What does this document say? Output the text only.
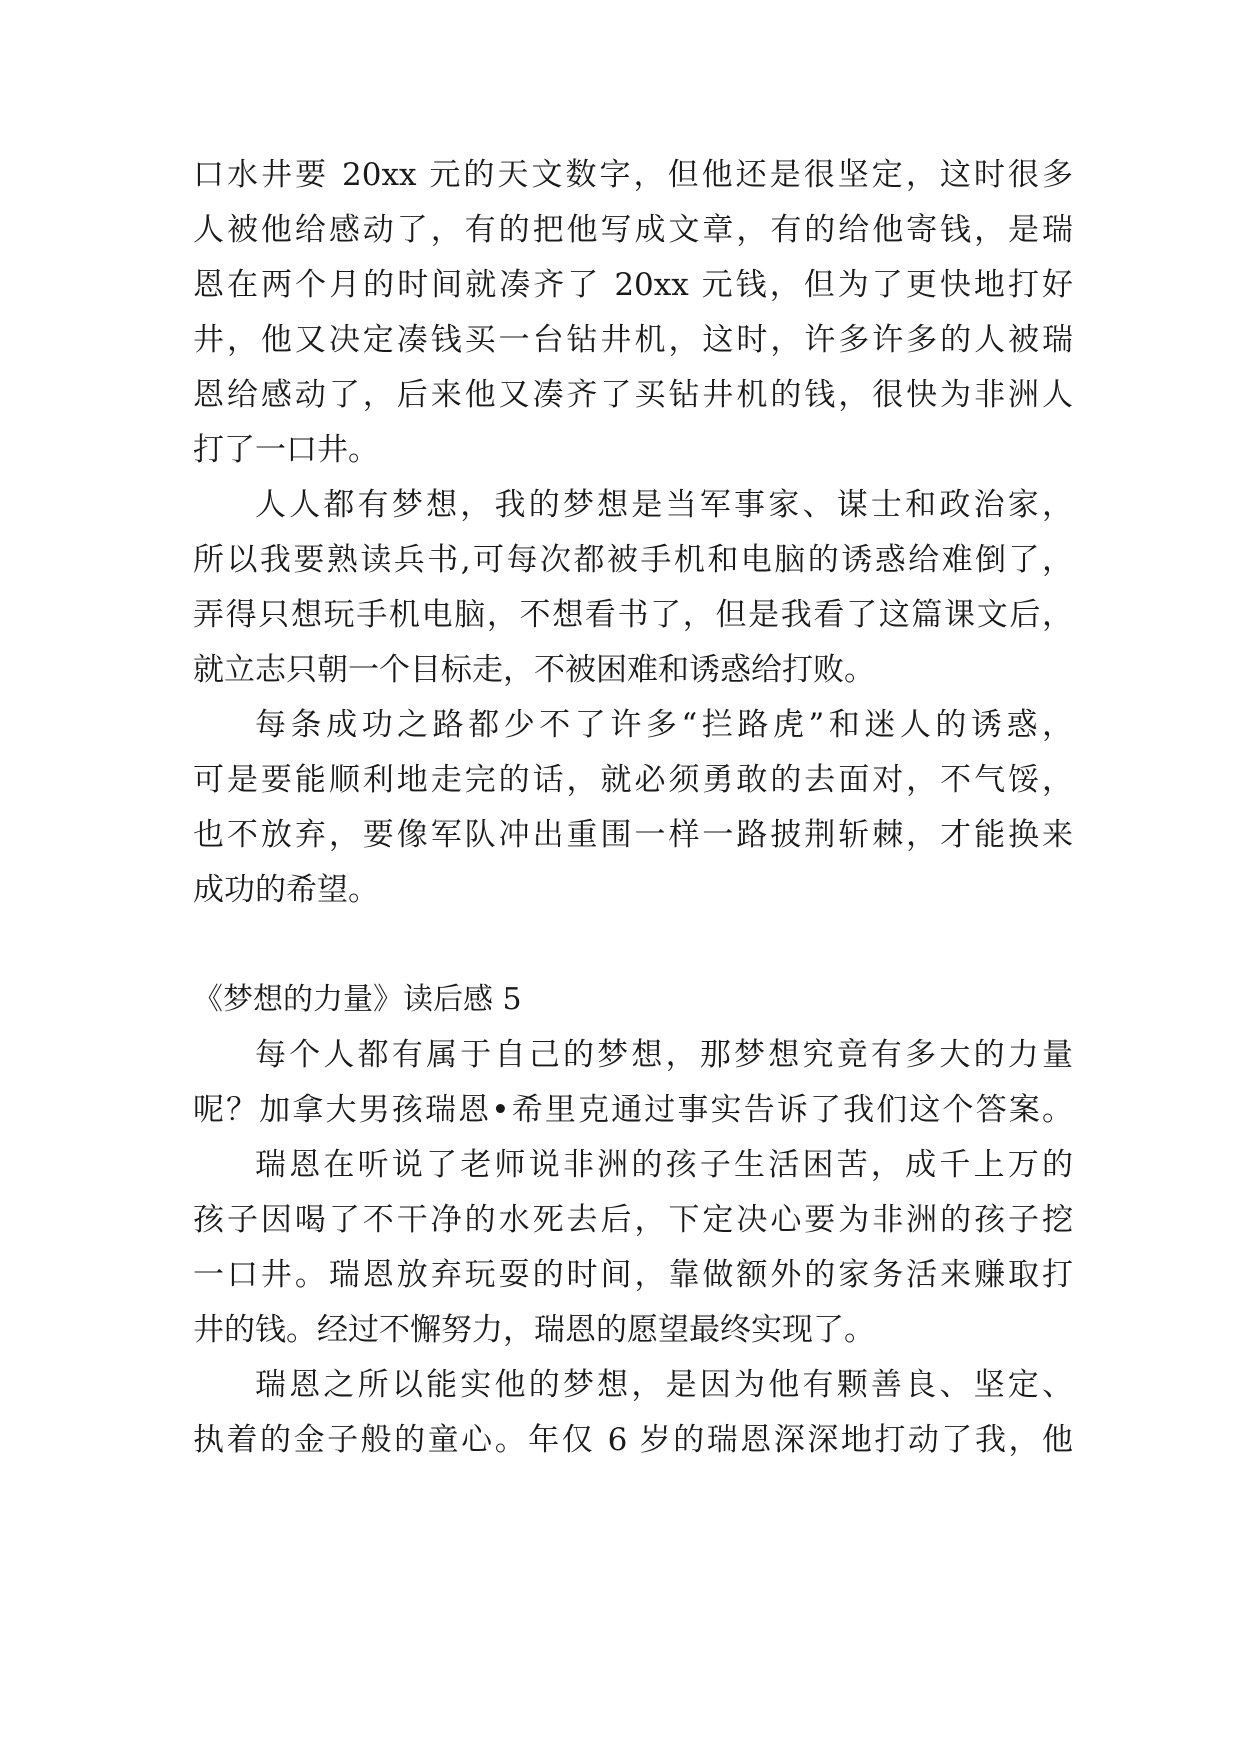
口水井要 20xx 元的天文数字，但他还是很坚定，这时很多
人被他给感动了，有的把他写成文章，有的给他寄钱，是瑞
恩在两个月的时间就凑齐了 20xx 元钱，但为了更快地打好
井，他又决定凑钱买一台钻井机，这时，许多许多的人被瑞
恩给感动了，后来他又凑齐了买钻井机的钱，很快为非洲人
打了一口井。
人人都有梦想，我的梦想是当军事家、谋士和政治家，
所以我要熟读兵书,可每次都被手机和电脑的诱惑给难倒了，
弄得只想玩手机电脑，不想看书了，但是我看了这篇课文后，
就立志只朝一个目标走，不被困难和诱惑给打败。
每条成功之路都少不了许多“拦路虎”和迷人的诱惑，
可是要能顺利地走完的话，就必须勇敢的去面对，不气馁，
也不放弃，要像军队冲出重围一样一路披荆斩棘，才能换来
成功的希望。
《梦想的力量》读后感 5
每个人都有属于自己的梦想，那梦想究竟有多大的力量
呢？加拿大男孩瑞恩•希里克通过事实告诉了我们这个答案。
瑞恩在听说了老师说非洲的孩子生活困苦，成千上万的
孩子因喝了不干净的水死去后，下定决心要为非洲的孩子挖
一口井。瑞恩放弃玩耍的时间，靠做额外的家务活来赚取打
井的钱。经过不懈努力，瑞恩的愿望最终实现了。
瑞恩之所以能实他的梦想，是因为他有颗善良、坚定、
执着的金子般的童心。年仅 6 岁的瑞恩深深地打动了我，他
